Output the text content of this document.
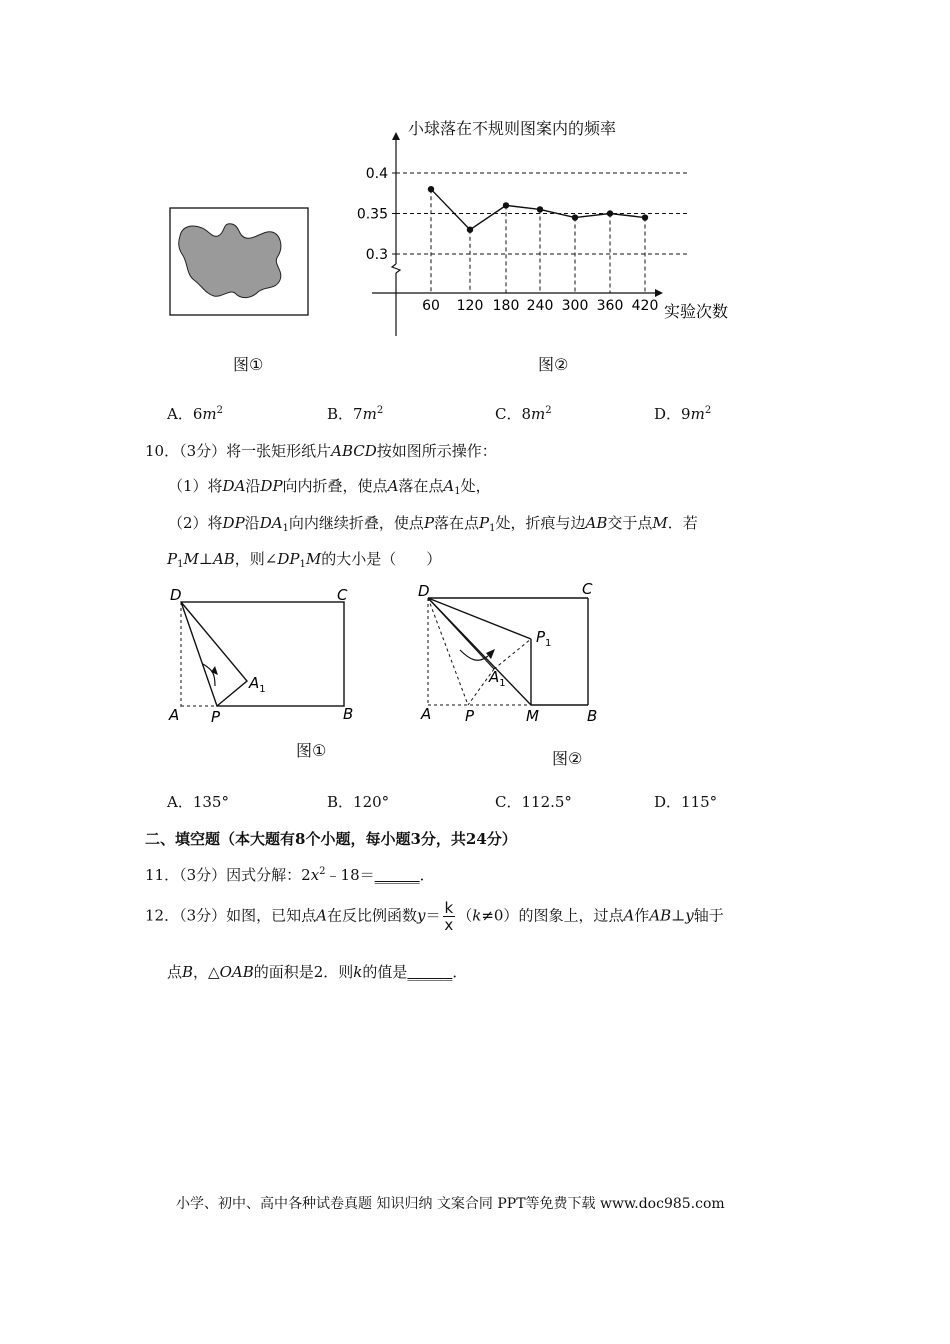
图①
小球落在不规则图案内的频率
0.3
0.35
0.4
60 120 180 240 300 360 420 实验次数
图②
A．$6m^2$	B．$7m^2$	C．$8m^2$	D．$9m^2$
10．（3分）将一张矩形纸片ABCD按如图所示操作：
（1）将DA沿DP向内折叠，使点A落在点$A_1$处，
（2）将DP沿$DA_1$向内继续折叠，使点P落在点$P_1$处，折痕与边AB交于点M．若
$P_1M\perp AB$，则$\angle DP_1M$的大小是（　　）
D	C
A	B
P
$A_1$
图①
D	C
A	B
P	M
$P_1$
$A_1$
图②
A．135°	B．120°	C．112.5°	D．115°
二、填空题（本大题有8个小题，每小题3分，共24分）
11．（3分）因式分解：$2x^2﹣18=\_\_\_\_\_\_$．
12．（3分）如图，已知点A在反比例函数$y= \frac{k}{x} (k\ne 0)$的图象上，过点A作AB⊥y轴于
点B，△OAB的面积是2．则k的值是______．
小学、初中、高中各种试卷真题 知识归纳 文案合同 PPT等免费下载 www.doc985.com
